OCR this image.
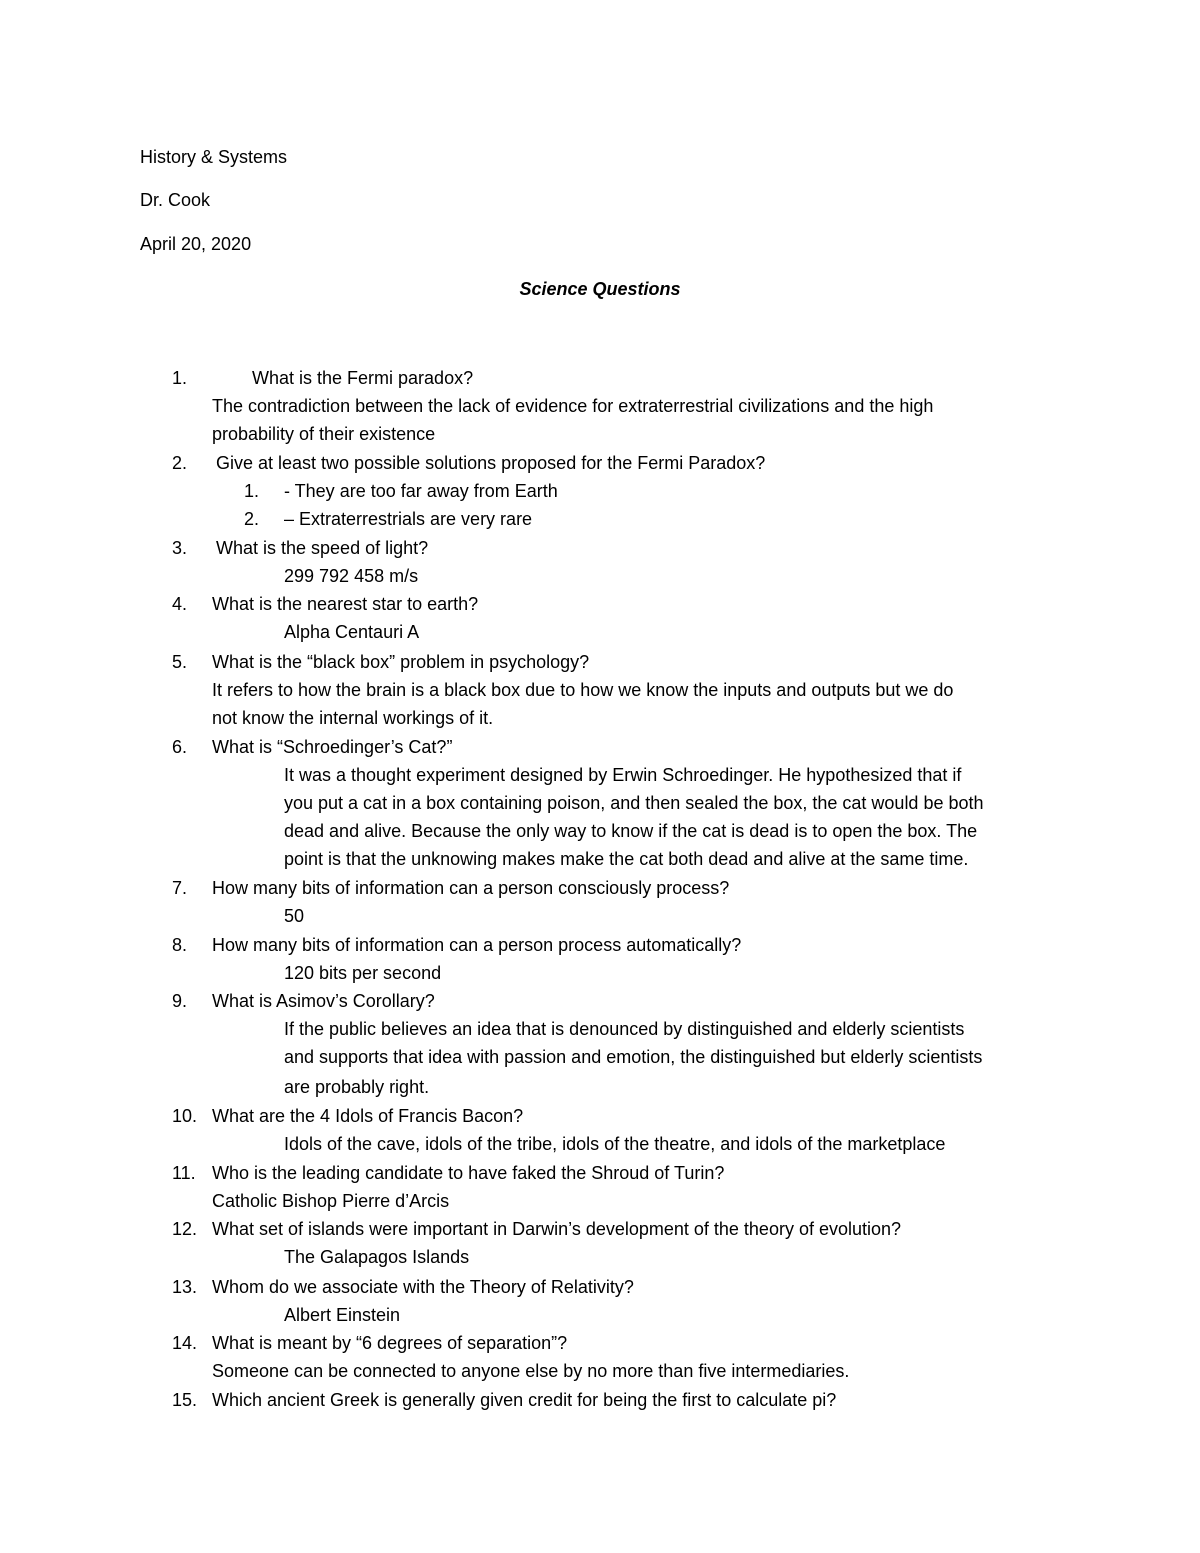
History & Systems
Dr. Cook
April 20, 2020
Science Questions
1.	What is the Fermi paradox?
The contradiction between the lack of evidence for extraterrestrial civilizations and the high
probability of their existence
2. Give at least two possible solutions proposed for the Fermi Paradox?
1. - They are too far away from Earth
2. – Extraterrestrials are very rare
3. What is the speed of light?
299 792 458 m/s
4. What is the nearest star to earth?
Alpha Centauri A
5. What is the “black box” problem in psychology?
It refers to how the brain is a black box due to how we know the inputs and outputs but we do
not know the internal workings of it.
6. What is “Schroedinger’s Cat?”
It was a thought experiment designed by Erwin Schroedinger. He hypothesized that if
you put a cat in a box containing poison, and then sealed the box, the cat would be both
dead and alive. Because the only way to know if the cat is dead is to open the box. The
point is that the unknowing makes make the cat both dead and alive at the same time.
7. How many bits of information can a person consciously process?
50
8. How many bits of information can a person process automatically?
120 bits per second
9. What is Asimov’s Corollary?
If the public believes an idea that is denounced by distinguished and elderly scientists
and supports that idea with passion and emotion, the distinguished but elderly scientists
are probably right.
10. What are the 4 Idols of Francis Bacon?
Idols of the cave, idols of the tribe, idols of the theatre, and idols of the marketplace
11. Who is the leading candidate to have faked the Shroud of Turin?
Catholic Bishop Pierre d’Arcis
12. What set of islands were important in Darwin’s development of the theory of evolution?
The Galapagos Islands
13. Whom do we associate with the Theory of Relativity?
Albert Einstein
14. What is meant by “6 degrees of separation”?
Someone can be connected to anyone else by no more than five intermediaries.
15. Which ancient Greek is generally given credit for being the first to calculate pi?
